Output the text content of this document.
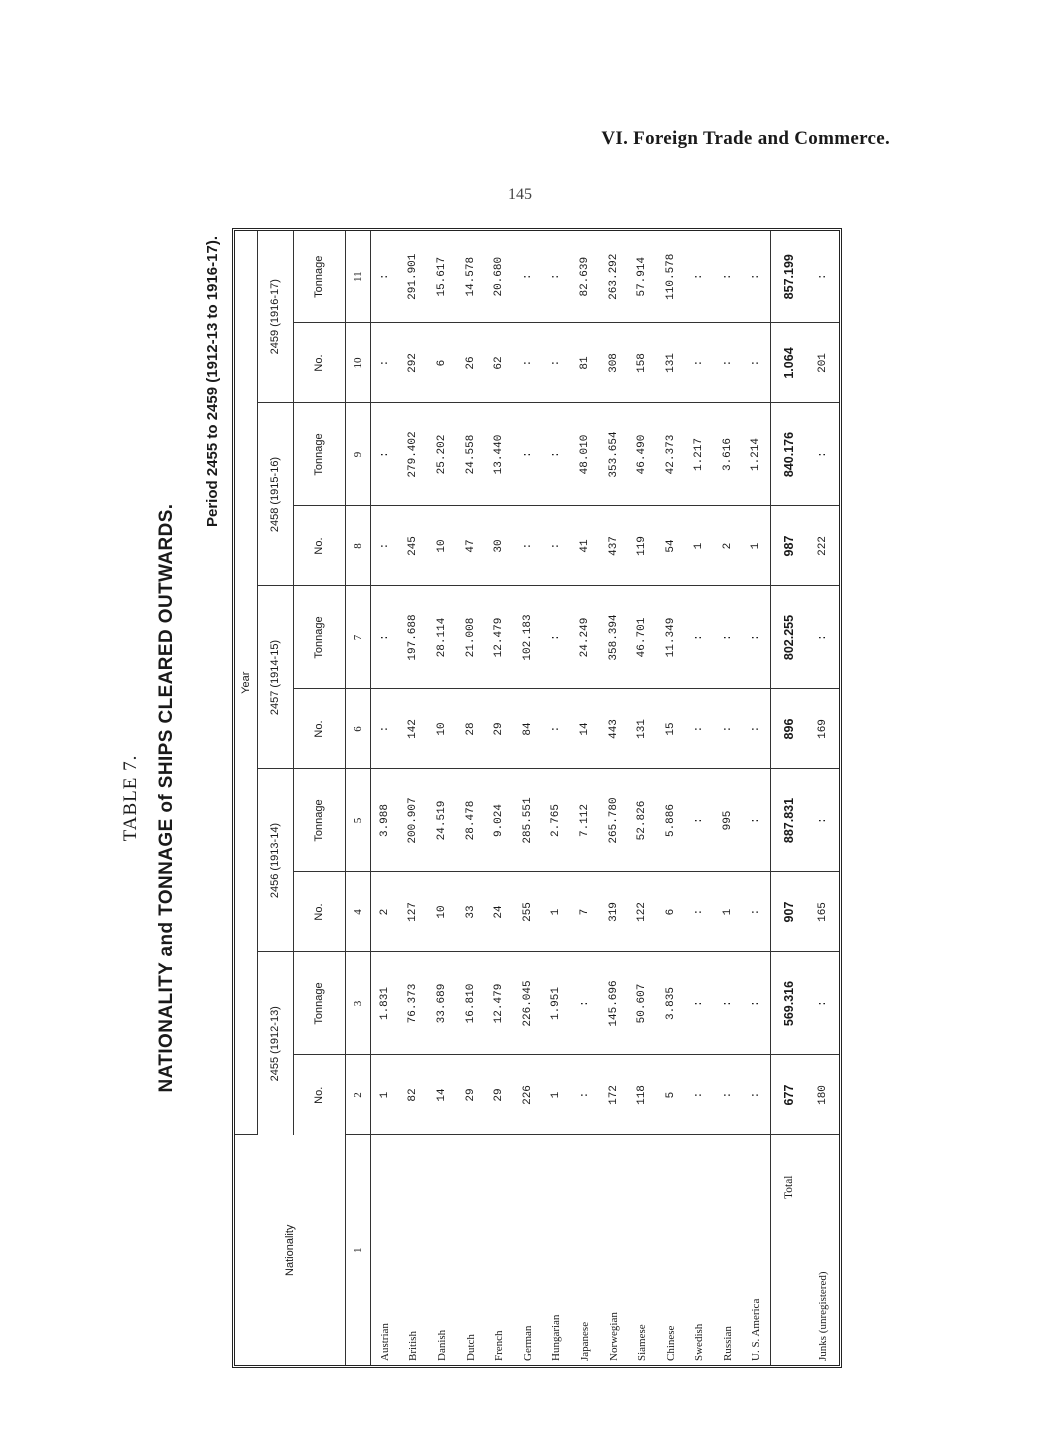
VI. Foreign Trade and Commerce.
145
TABLE 7. NATIONALITY and TONNAGE of SHIPS CLEARED OUTWARDS.
Period 2455 to 2459 (1912-13 to 1916-17).
Nationality	Year									
	2455 (1912-13)		2456 (1913-14)		2457 (1914-15)		2458 (1915-16)		2459 (1916-17)	
	No.	Tonnage	No.	Tonnage	No.	Tonnage	No.	Tonnage	No.	Tonnage
1	2	3	4	5	6	7	8	9	10	11
Austrian	1	1.831	2	3.988	:	:	:	:	:	:
British	82	76.373	127	200.907	142	197.688	245	279.402	292	291.901
Danish	14	33.689	10	24.519	10	28.114	10	25.202	6	15.617
Dutch	29	16.810	33	28.478	28	21.008	47	24.558	26	14.578
French	29	12.479	24	9.024	29	12.479	30	13.440	62	20.680
German	226	226.045	255	285.551	84	102.183	:	:	:	:
Hungarian	1	1.951	1	2.765	:	:	:	:	:	:
Japanese	:	:	7	7.112	14	24.249	41	48.010	81	82.639
Norwegian	172	145.696	319	265.780	443	358.394	437	353.654	308	263.292
Siamese	118	50.607	122	52.826	131	46.701	119	46.490	158	57.914
Chinese	5	3.835	6	5.886	15	11.349	54	42.373	131	110.578
Swedish	:	:	:	:	:	:	1	1.217	:	:
Russian	:	:	1	995	:	:	2	3.616	:	:
U. S. America	:	:	:	:	:	:	1	1.214	:	:
Total	677	569.316	907	887.831	896	802.255	987	840.176	1.064	857.199
Junks (unregistered)	180	:	165	:	169	:	222	:	201	:
